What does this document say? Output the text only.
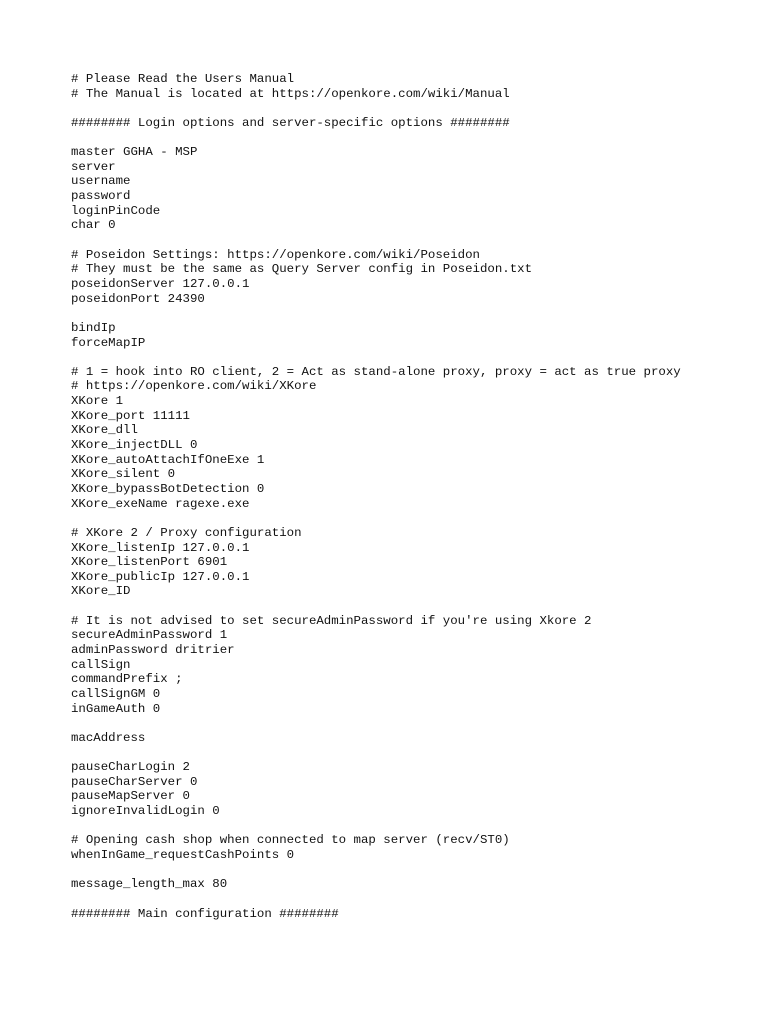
# Please Read the Users Manual
# The Manual is located at https://openkore.com/wiki/Manual
######## Login options and server-specific options ########
master GGHA - MSP
server
username
password
loginPinCode
char 0
# Poseidon Settings: https://openkore.com/wiki/Poseidon
# They must be the same as Query Server config in Poseidon.txt
poseidonServer 127.0.0.1
poseidonPort 24390
bindIp
forceMapIP
# 1 = hook into RO client, 2 = Act as stand-alone proxy, proxy = act as true proxy
# https://openkore.com/wiki/XKore
XKore 1
XKore_port 11111
XKore_dll
XKore_injectDLL 0
XKore_autoAttachIfOneExe 1
XKore_silent 0
XKore_bypassBotDetection 0
XKore_exeName ragexe.exe
# XKore 2 / Proxy configuration
XKore_listenIp 127.0.0.1
XKore_listenPort 6901
XKore_publicIp 127.0.0.1
XKore_ID
# It is not advised to set secureAdminPassword if you're using Xkore 2
secureAdminPassword 1
adminPassword dritrier
callSign
commandPrefix ;
callSignGM 0
inGameAuth 0
macAddress
pauseCharLogin 2
pauseCharServer 0
pauseMapServer 0
ignoreInvalidLogin 0
# Opening cash shop when connected to map server (recv/ST0)
whenInGame_requestCashPoints 0
message_length_max 80
######## Main configuration ########
